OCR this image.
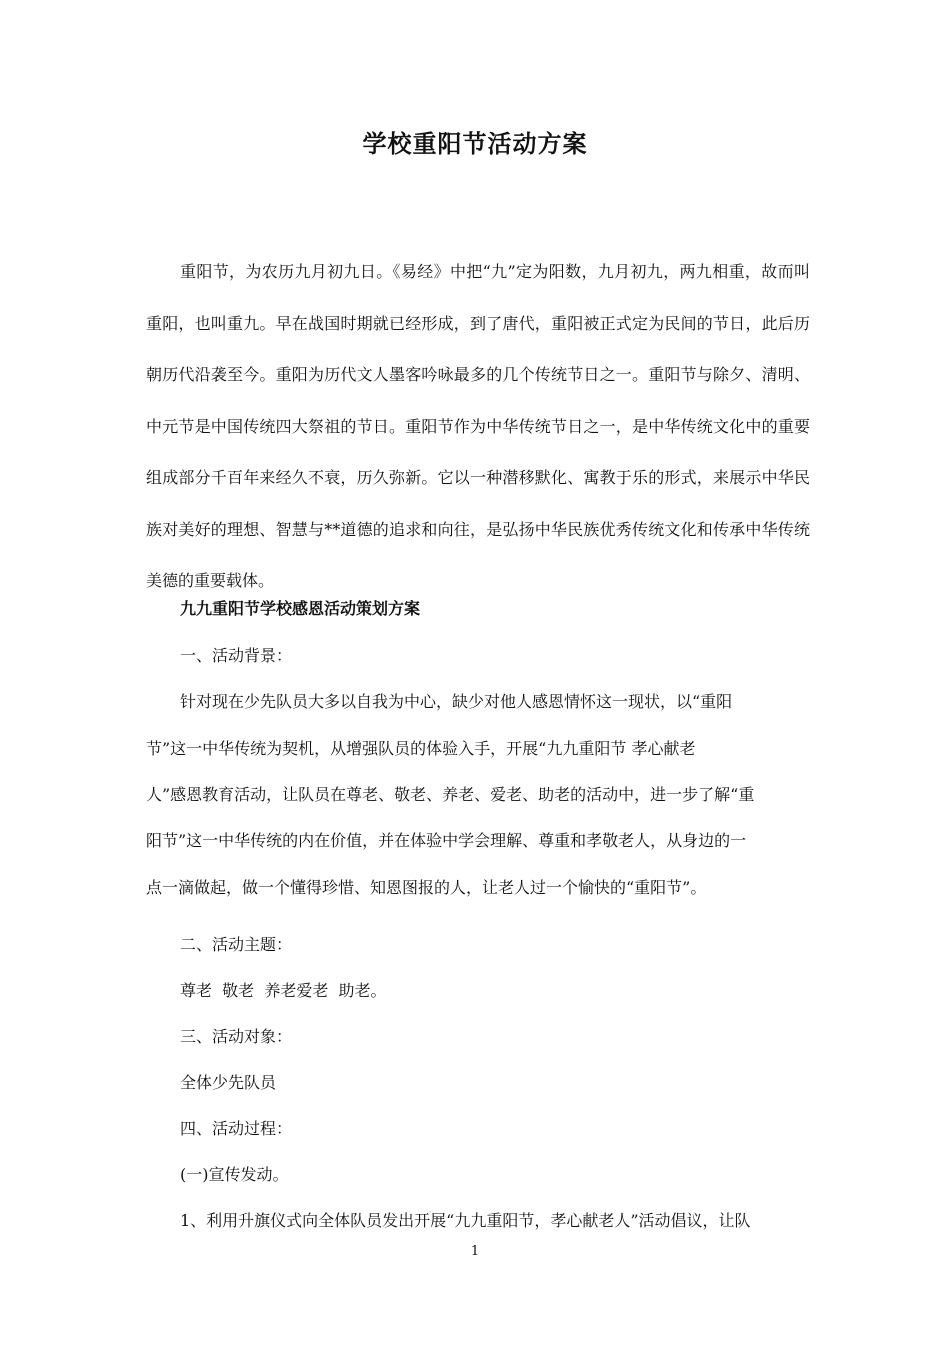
学校重阳节活动方案

重阳节，为农历九月初九日。《易经》中把“九”定为阳数，九月初九，两九相重，故而叫重阳，也叫重九。早在战国时期就已经形成，到了唐代，重阳被正式定为民间的节日，此后历朝历代沿袭至今。重阳为历代文人墨客吟咏最多的几个传统节日之一。重阳节与除夕、清明、中元节是中国传统四大祭祖的节日。重阳节作为中华传统节日之一，是中华传统文化中的重要组成部分千百年来经久不衰，历久弥新。它以一种潜移默化、寓教于乐的形式，来展示中华民族对美好的理想、智慧与**道德的追求和向往，是弘扬中华民族优秀传统文化和传承中华传统美德的重要载体。

九九重阳节学校感恩活动策划方案

一、活动背景：

针对现在少先队员大多以自我为中心，缺少对他人感恩情怀这一现状，以“重阳

节”这一中华传统为契机，从增强队员的体验入手，开展“九九重阳节 孝心献老

人”感恩教育活动，让队员在尊老、敬老、养老、爱老、助老的活动中，进一步了解“重

阳节”这一中华传统的内在价值，并在体验中学会理解、尊重和孝敬老人，从身边的一

点一滴做起，做一个懂得珍惜、知恩图报的人，让老人过一个愉快的“重阳节”。

二、活动主题：

尊老  敬老  养老爱老  助老。

三、活动对象：

全体少先队员

四、活动过程：

(一)宣传发动。

1、利用升旗仪式向全体队员发出开展“九九重阳节，孝心献老人”活动倡议，让队

1
